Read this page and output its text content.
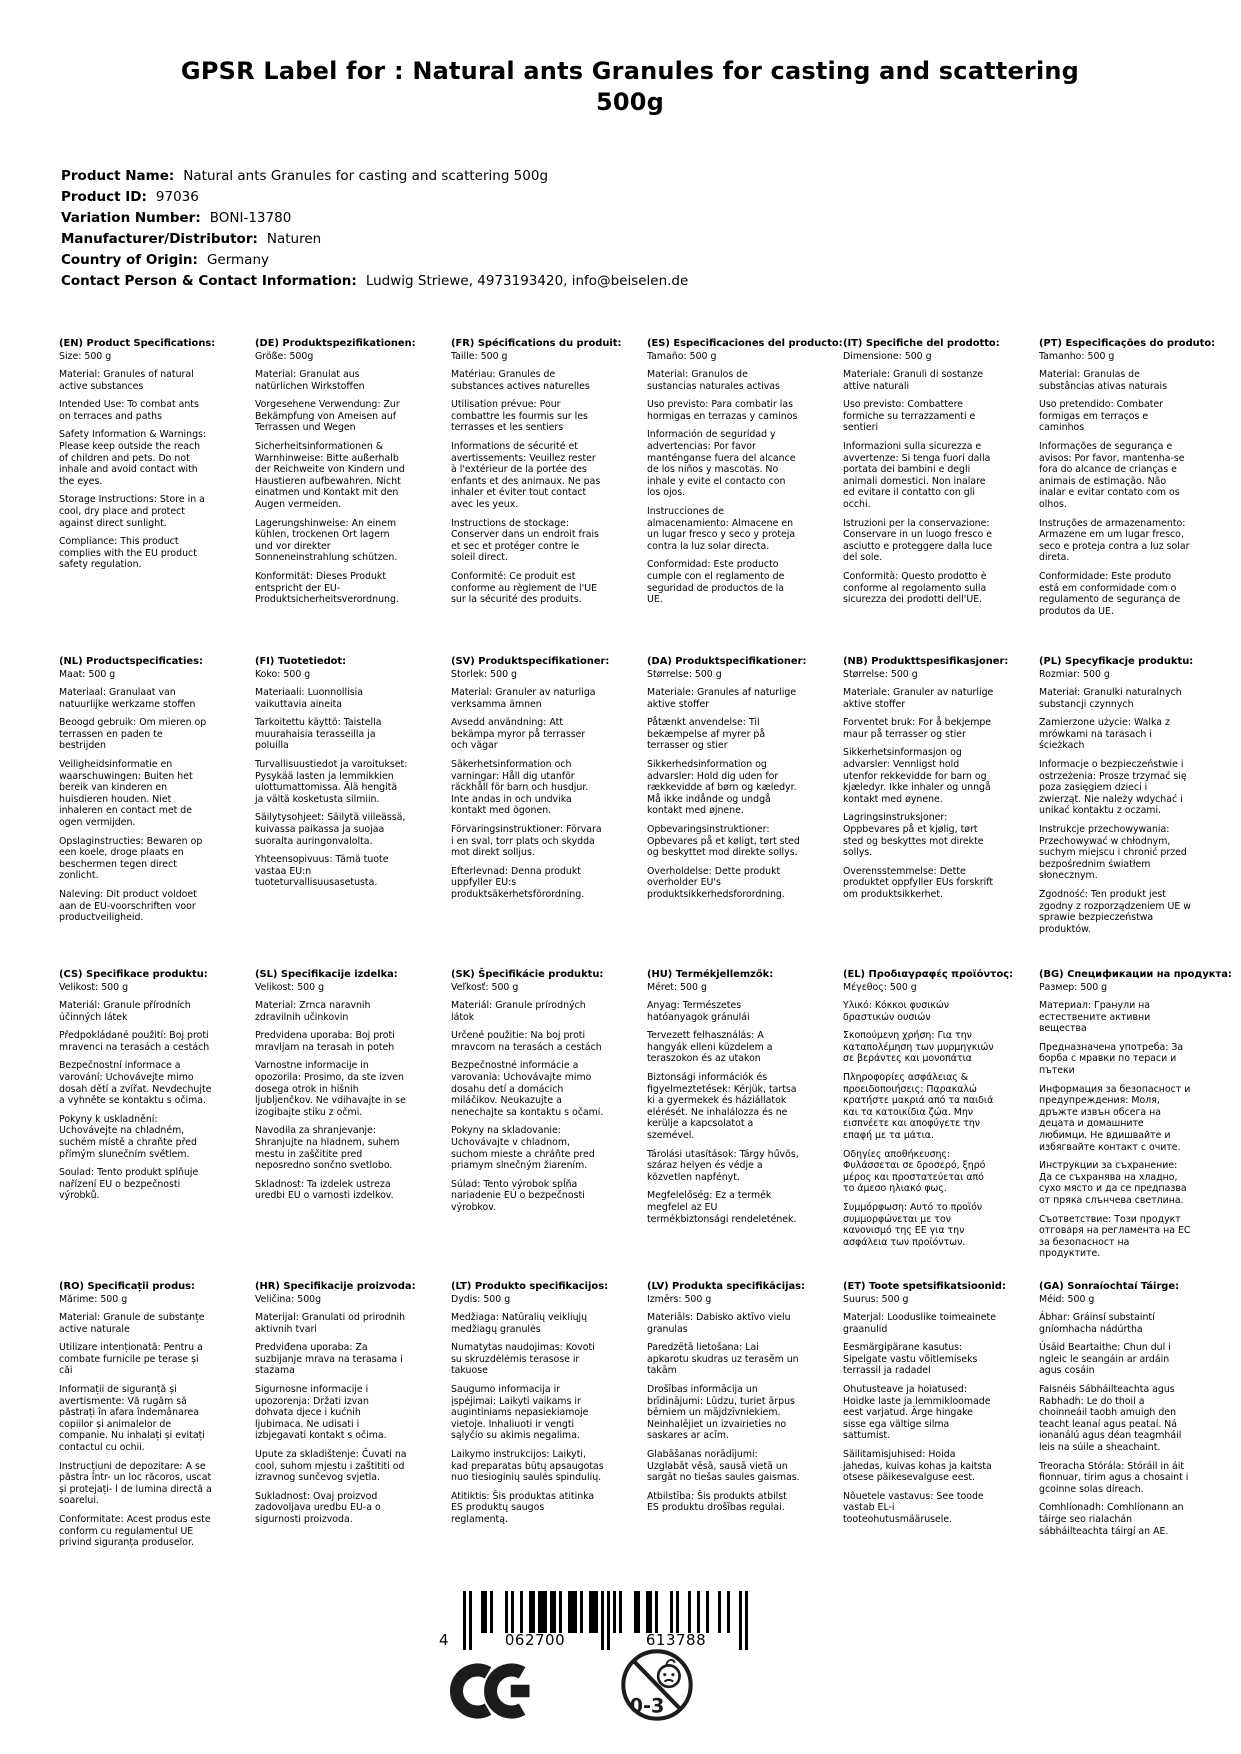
GPSR Label for : Natural ants Granules for casting and scattering
500g
Product Name: Natural ants Granules for casting and scattering 500g
Product ID: 97036
Variation Number: BONI-13780
Manufacturer/Distributor: Naturen
Country of Origin: Germany
Contact Person & Contact Information: Ludwig Striewe, 4973193420, info@beiselen.de
(EN) Product Specifications:

Size: 500 g

Material: Granules of natural active substances

Intended Use: To combat ants on terraces and paths

Safety Information & Warnings: Please keep outside the reach of children and pets. Do not inhale and avoid contact with the eyes.

Storage Instructions: Store in a cool, dry place and protect against direct sunlight.

Compliance: This product complies with the EU product safety regulation.

(DE) Produktspezifikationen:

Größe: 500g

Material: Granulat aus natürlichen Wirkstoffen

Vorgesehene Verwendung: Zur Bekämpfung von Ameisen auf Terrassen und Wegen

Sicherheitsinformationen & Warnhinweise: Bitte außerhalb der Reichweite von Kindern und Haustieren aufbewahren. Nicht einatmen und Kontakt mit den Augen vermeiden.

Lagerungshinweise: An einem kühlen, trockenen Ort lagern und vor direkter Sonneneinstrahlung schützen.

Konformität: Dieses Produkt entspricht der EU-Produktsicherheitsverordnung.

(FR) Spécifications du produit:

Taille: 500 g

Matériau: Granules de substances actives naturelles

Utilisation prévue: Pour combattre les fourmis sur les terrasses et les sentiers

Informations de sécurité et avertissements: Veuillez rester à l'extérieur de la portée des enfants et des animaux. Ne pas inhaler et éviter tout contact avec les yeux.

Instructions de stockage: Conserver dans un endroit frais et sec et protéger contre le soleil direct.

Conformité: Ce produit est conforme au règlement de l'UE sur la sécurité des produits.

(ES) Especificaciones del producto:

Tamaño: 500 g

Material: Granulos de sustancias naturales activas

Uso previsto: Para combatir las hormigas en terrazas y caminos

Información de seguridad y advertencias: Por favor manténganse fuera del alcance de los niños y mascotas. No inhale y evite el contacto con los ojos.

Instrucciones de almacenamiento: Almacene en un lugar fresco y seco y proteja contra la luz solar directa.

Conformidad: Este producto cumple con el reglamento de seguridad de productos de la UE.

(IT) Specifiche del prodotto:

Dimensione: 500 g

Materiale: Granuli di sostanze attive naturali

Uso previsto: Combattere formiche su terrazzamenti e sentieri

Informazioni sulla sicurezza e avvertenze: Si tenga fuori dalla portata dei bambini e degli animali domestici. Non inalare ed evitare il contatto con gli occhi.

Istruzioni per la conservazione: Conservare in un luogo fresco e asciutto e proteggere dalla luce del sole.

Conformità: Questo prodotto è conforme al regolamento sulla sicurezza dei prodotti dell'UE.

(PT) Especificações do produto:

Tamanho: 500 g

Material: Granulas de substâncias ativas naturais

Uso pretendido: Combater formigas em terraços e caminhos

Informações de segurança e avisos: Por favor, mantenha-se fora do alcance de crianças e animais de estimação. Não inalar e evitar contato com os olhos.

Instruções de armazenamento: Armazene em um lugar fresco, seco e proteja contra a luz solar direta.

Conformidade: Este produto está em conformidade com o regulamento de segurança de produtos da UE.

(NL) Productspecificaties:

Maat: 500 g

Materiaal: Granulaat van natuurlijke werkzame stoffen

Beoogd gebruik: Om mieren op terrassen en paden te bestrijden

Veiligheidsinformatie en waarschuwingen: Buiten het bereik van kinderen en huisdieren houden. Niet inhaleren en contact met de ogen vermijden.

Opslaginstructies: Bewaren op een koele, droge plaats en beschermen tegen direct zonlicht.

Naleving: Dit product voldoet aan de EU-voorschriften voor productveiligheid.

(FI) Tuotetiedot:

Koko: 500 g

Materiaali: Luonnollisia vaikuttavia aineita

Tarkoitettu käyttö: Taistella muurahaisia terasseilla ja poluilla

Turvallisuustiedot ja varoitukset: Pysykää lasten ja lemmikkien ulottumattomissa. Älä hengitä ja vältä kosketusta silmiin.

Säilytysohjeet: Säilytä viileässä, kuivassa paikassa ja suojaa suoralta auringonvalolta.

Yhteensopivuus: Tämä tuote vastaa EU:n tuoteturvallisuusasetusta.

(SV) Produktspecifikationer:

Storlek: 500 g

Material: Granuler av naturliga verksamma ämnen

Avsedd användning: Att bekämpa myror på terrasser och vägar

Säkerhetsinformation och varningar: Håll dig utanför räckhåll för barn och husdjur. Inte andas in och undvika kontakt med ögonen.

Förvaringsinstruktioner: Förvara i en sval, torr plats och skydda mot direkt solljus.

Efterlevnad: Denna produkt uppfyller EU:s produktsäkerhetsförordning.

(DA) Produktspecifikationer:

Størrelse: 500 g

Materiale: Granules af naturlige aktive stoffer

Påtænkt anvendelse: Til bekæmpelse af myrer på terrasser og stier

Sikkerhedsinformation og advarsler: Hold dig uden for rækkevidde af børn og kæledyr. Må ikke indånde og undgå kontakt med øjnene.

Opbevaringsinstruktioner: Opbevares på et køligt, tørt sted og beskyttet mod direkte sollys.

Overholdelse: Dette produkt overholder EU's produktsikkerhedsforordning.

(NB) Produkttspesifikasjoner:

Størrelse: 500 g

Materiale: Granuler av naturlige aktive stoffer

Forventet bruk: For å bekjempe maur på terrasser og stier

Sikkerhetsinformasjon og advarsler: Vennligst hold utenfor rekkevidde for barn og kjæledyr. Ikke inhaler og unngå kontakt med øynene.

Lagringsinstruksjoner: Oppbevares på et kjølig, tørt sted og beskyttes mot direkte sollys.

Overensstemmelse: Dette produktet oppfyller EUs forskrift om produktsikkerhet.

(PL) Specyfikacje produktu:

Rozmiar: 500 g

Materiał: Granulki naturalnych substancji czynnych

Zamierzone użycie: Walka z mrówkami na tarasach i ścieżkach

Informacje o bezpieczeństwie i ostrzeżenia: Prosze trzymać się poza zasięgiem dzieci i zwierząt. Nie należy wdychać i unikać kontaktu z oczami.

Instrukcje przechowywania: Przechowywać w chłodnym, suchym miejscu i chronić przed bezpośrednim światłem słonecznym.

Zgodność: Ten produkt jest zgodny z rozporządzeniem UE w sprawie bezpieczeństwa produktów.

(CS) Specifikace produktu:

Velikost: 500 g

Materiál: Granule přírodních účinných látek

Předpokládané použití: Boj proti mravenci na terasách a cestách

Bezpečnostní informace a varování: Uchovávejte mimo dosah dětí a zvířat. Nevdechujte a vyhněte se kontaktu s očima.

Pokyny k uskladnění: Uchovávejte na chladném, suchém místě a chraňte před přímým slunečním světlem.

Soulad: Tento produkt splňuje nařízení EU o bezpečnosti výrobků.

(SL) Specifikacije izdelka:

Velikost: 500 g

Material: Zrnca naravnih zdravilnih učinkovin

Predvidena uporaba: Boj proti mravljam na terasah in poteh

Varnostne informacije in opozorila: Prosimo, da ste izven dosega otrok in hišnih ljubljenčkov. Ne vdihavajte in se izogibajte stiku z očmi.

Navodila za shranjevanje: Shranjujte na hladnem, suhem mestu in zaščitite pred neposredno sončno svetlobo.

Skladnost: Ta izdelek ustreza uredbi EU o varnosti izdelkov.

(SK) Špecifikácie produktu:

Veľkosť: 500 g

Materiál: Granule prírodných látok

Určené použitie: Na boj proti mravcom na terasách a cestách

Bezpečnostné informácie a varovania: Uchovávajte mimo dosahu detí a domácich miláčikov. Neukazujte a nenechajte sa kontaktu s očami.

Pokyny na skladovanie: Uchovávajte v chladnom, suchom mieste a chráňte pred priamym slnečným žiarením.

Súlad: Tento výrobok spĺňa nariadenie EÚ o bezpečnosti výrobkov.

(HU) Termékjellemzők:

Méret: 500 g

Anyag: Természetes hatóanyagok gránulái

Tervezett felhasználás: A hangyák elleni küzdelem a teraszokon és az utakon

Biztonsági információk és figyelmeztetések: Kérjük, tartsa ki a gyermekek és háziállatok elérését. Ne inhalálozza és ne kerülje a kapcsolatot a szemével.

Tárolási utasítások: Tárgy hűvös, száraz helyen és védje a közvetlen napfényt.

Megfelelőség: Ez a termék megfelel az EU termékbiztonsági rendeletének.

(EL) Προδιαγραφές προϊόντος:

Μέγεθος: 500 g

Υλικό: Κόκκοι φυσικών δραστικών ουσιών

Σκοπούμενη χρήση: Για την καταπολέμηση των μυρμηγκιών σε βεράντες και μονοπάτια

Πληροφορίες ασφάλειας & προειδοποιήσεις: Παρακαλώ κρατήστε μακριά από τα παιδιά και τα κατοικίδια ζώα. Μην εισπνέετε και αποφύγετε την επαφή με τα μάτια.

Οδηγίες αποθήκευσης: Φυλάσσεται σε δροσερό, ξηρό μέρος και προστατεύεται από το άμεσο ηλιακό φως.

Συμμόρφωση: Αυτό το προϊόν συμμορφώνεται με τον κανονισμό της ΕΕ για την ασφάλεια των προϊόντων.

(BG) Спецификации на продукта:

Размер: 500 g

Материал: Гранули на естествените активни вещества

Предназначена употреба: За борба с мравки по тераси и пътеки

Информация за безопасност и предупреждения: Моля, дръжте извън обсега на децата и домашните любимци. Не вдишвайте и избягвайте контакт с очите.

Инструкции за съхранение: Да се съхранява на хладно, сухо място и да се предпазва от пряка слънчева светлина.

Съответствие: Този продукт отговаря на регламента на ЕС за безопасност на продуктите.

(RO) Specificații produs:

Mărime: 500 g

Material: Granule de substanțe active naturale

Utilizare intenționată: Pentru a combate furnicile pe terase și căi

Informații de siguranță și avertismente: Vă rugăm să păstrați în afara îndemânarea copiilor și animalelor de companie. Nu inhalați și evitați contactul cu ochii.

Instrucțiuni de depozitare: A se păstra într- un loc răcoros, uscat și protejați- l de lumina directă a soarelui.

Conformitate: Acest produs este conform cu regulamentul UE privind siguranța produselor.

(HR) Specifikacije proizvoda:

Veličina: 500g

Materijal: Granulati od prirodnih aktivnih tvari

Predviđena uporaba: Za suzbijanje mrava na terasama i stazama

Sigurnosne informacije i upozorenja: Držati izvan dohvata djece i kućnih ljubimaca. Ne udisati i izbjegavati kontakt s očima.

Upute za skladištenje: Čuvati na cool, suhom mjestu i zaštititi od izravnog sunčevog svjetla.

Sukladnost: Ovaj proizvod zadovoljava uredbu EU-a o sigurnosti proizvoda.

(LT) Produkto specifikacijos:

Dydis: 500 g

Medžiaga: Natūralių veikliųjų medžiagų granulės

Numatytas naudojimas: Kovoti su skruzdėlėmis terasose ir takuose

Saugumo informacija ir įspėjimai: Laikyti vaikams ir augintiniams nepasiekiamoje vietoje. Inhaliuoti ir vengti sąlyčio su akimis negalima.

Laikymo instrukcijos: Laikyti, kad preparatas būtų apsaugotas nuo tiesioginių saulės spindulių.

Atitiktis: Šis produktas atitinka ES produktų saugos reglamentą.

(LV) Produkta specifikācijas:

Izmērs: 500 g

Materiāls: Dabisko aktīvo vielu granulas

Paredzētā lietošana: Lai apkarotu skudras uz terasēm un takām

Drošības informācija un brīdinājumi: Lūdzu, turiet ārpus bērniem un mājdzīvniekiem. Neinhalējiet un izvairieties no saskares ar acīm.

Glabāšanas norādījumi: Uzglabāt vēsā, sausā vietā un sargāt no tiešas saules gaismas.

Atbilstība: Šis produkts atbilst ES produktu drošības regulai.

(ET) Toote spetsifikatsioonid:

Suurus: 500 g

Materjal: Looduslike toimeainete graanulid

Eesmärgipärane kasutus: Sipelgate vastu võitlemiseks terrassil ja radadel

Ohutusteave ja hoiatused: Hoidke laste ja lemmikloomade eest varjatud. Ärge hingake sisse ega vältige silma sattumist.

Säilitamisjuhised: Hoida jahedas, kuivas kohas ja kaitsta otsese päikesevalguse eest.

Nõuetele vastavus: See toode vastab EL-i tooteohutusmäärusele.

(GA) Sonraíochtaí Táirge:

Méid: 500 g

Ábhar: Gráinsí substaintí gníomhacha nádúrtha

Úsáid Beartaithe: Chun dul i ngleic le seangáin ar ardáin agus cosáin

Faisnéis Sábháilteachta agus Rabhadh: Le do thoil a choinneáil taobh amuigh den teacht leanaí agus peataí. Ná ionanálú agus déan teagmháil leis na súile a sheachaint.

Treoracha Stórála: Stóráil in áit fionnuar, tirim agus a chosaint i gcoinne solas díreach.

Comhlíonadh: Comhlíonann an táirge seo rialachán sábháilteachta táirgí an AE.

4	062700	613788
0-3
